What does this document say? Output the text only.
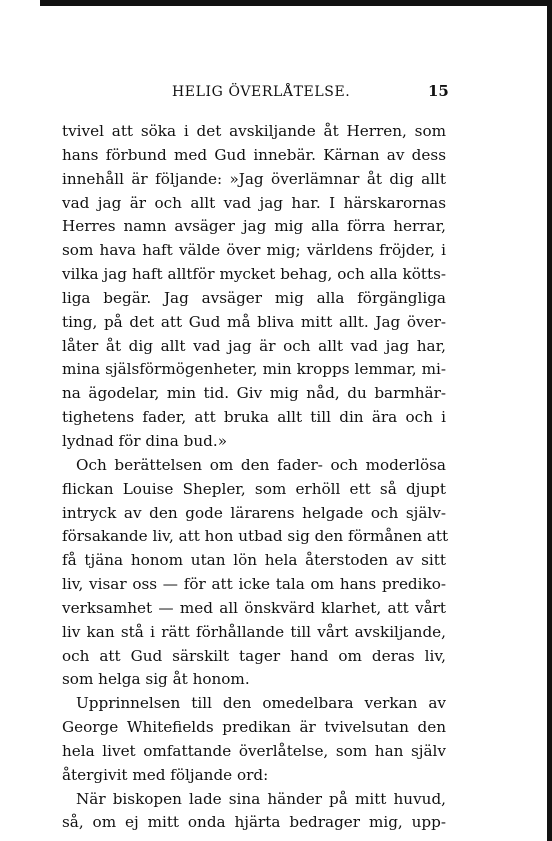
HELIG ÖVERLÅTELSE.	15
tvivel att söka i det avskiljande åt Herren, som
hans förbund med Gud innebär. Kärnan av dess
innehåll är följande: »Jag överlämnar åt dig allt
vad jag är och allt vad jag har. I härskarornas
Herres namn avsäger jag mig alla förra herrar,
som hava haft välde över mig; världens fröjder, i
vilka jag haft alltför mycket behag, och alla kötts-
liga begär. Jag avsäger mig alla förgängliga
ting, på det att Gud må bliva mitt allt. Jag över-
låter åt dig allt vad jag är och allt vad jag har,
mina själsförmögenheter, min kropps lemmar, mi-
na ägodelar, min tid. Giv mig nåd, du barmhär-
tighetens fader, att bruka allt till din ära och i
lydnad för dina bud.»
Och berättelsen om den fader- och moderlösa
flickan Louise Shepler, som erhöll ett så djupt
intryck av den gode lärarens helgade och själv-
försakande liv, att hon utbad sig den förmånen att
få tjäna honom utan lön hela återstoden av sitt
liv, visar oss — för att icke tala om hans prediko-
verksamhet — med all önskvärd klarhet, att vårt
liv kan stå i rätt förhållande till vårt avskiljande,
och att Gud särskilt tager hand om deras liv,
som helga sig åt honom.
Upprinnelsen till den omedelbara verkan av
George Whitefields predikan är tvivelsutan den
hela livet omfattande överlåtelse, som han själv
återgivit med följande ord:
När biskopen lade sina händer på mitt huvud,
så, om ej mitt onda hjärta bedrager mig, upp-
